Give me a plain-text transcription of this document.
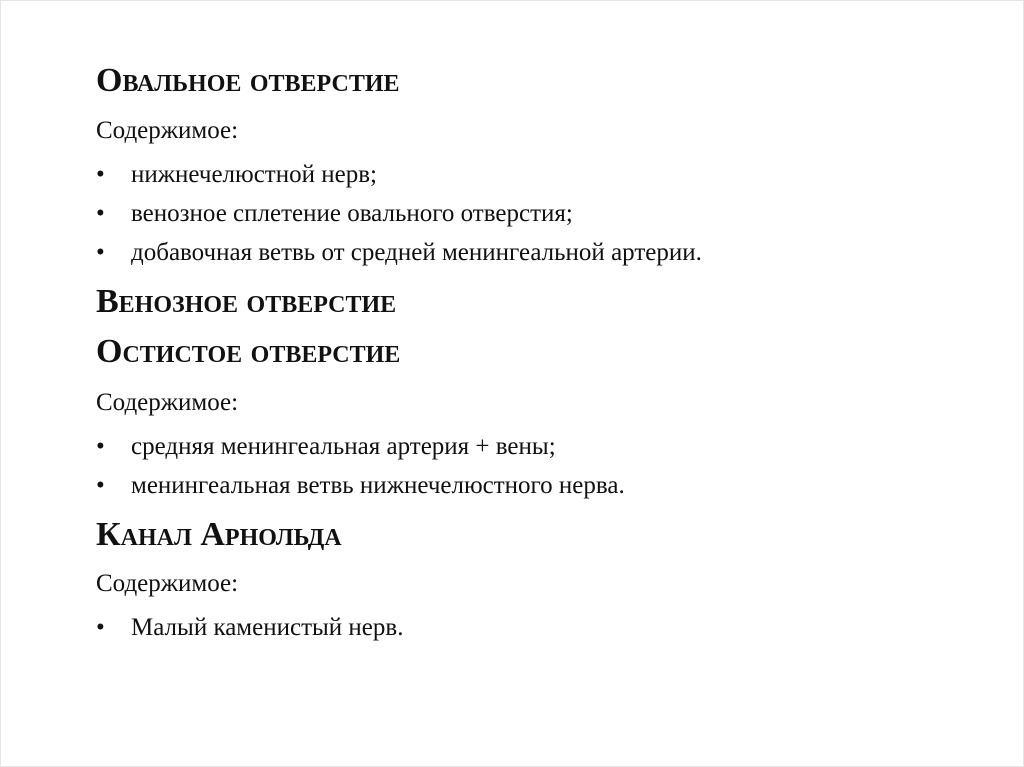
Овальное отверстие

Содержимое:

• нижнечелюстной нерв;
• венозное сплетение овального отверстия;
• добавочная ветвь от средней менингеальной артерии.
Венозное отверстие
Остистое отверстие

Содержимое:

• средняя менингеальная артерия + вены;
• менингеальная ветвь нижнечелюстного нерва.
Канал Арнольда

Содержимое:

• Малый каменистый нерв.
